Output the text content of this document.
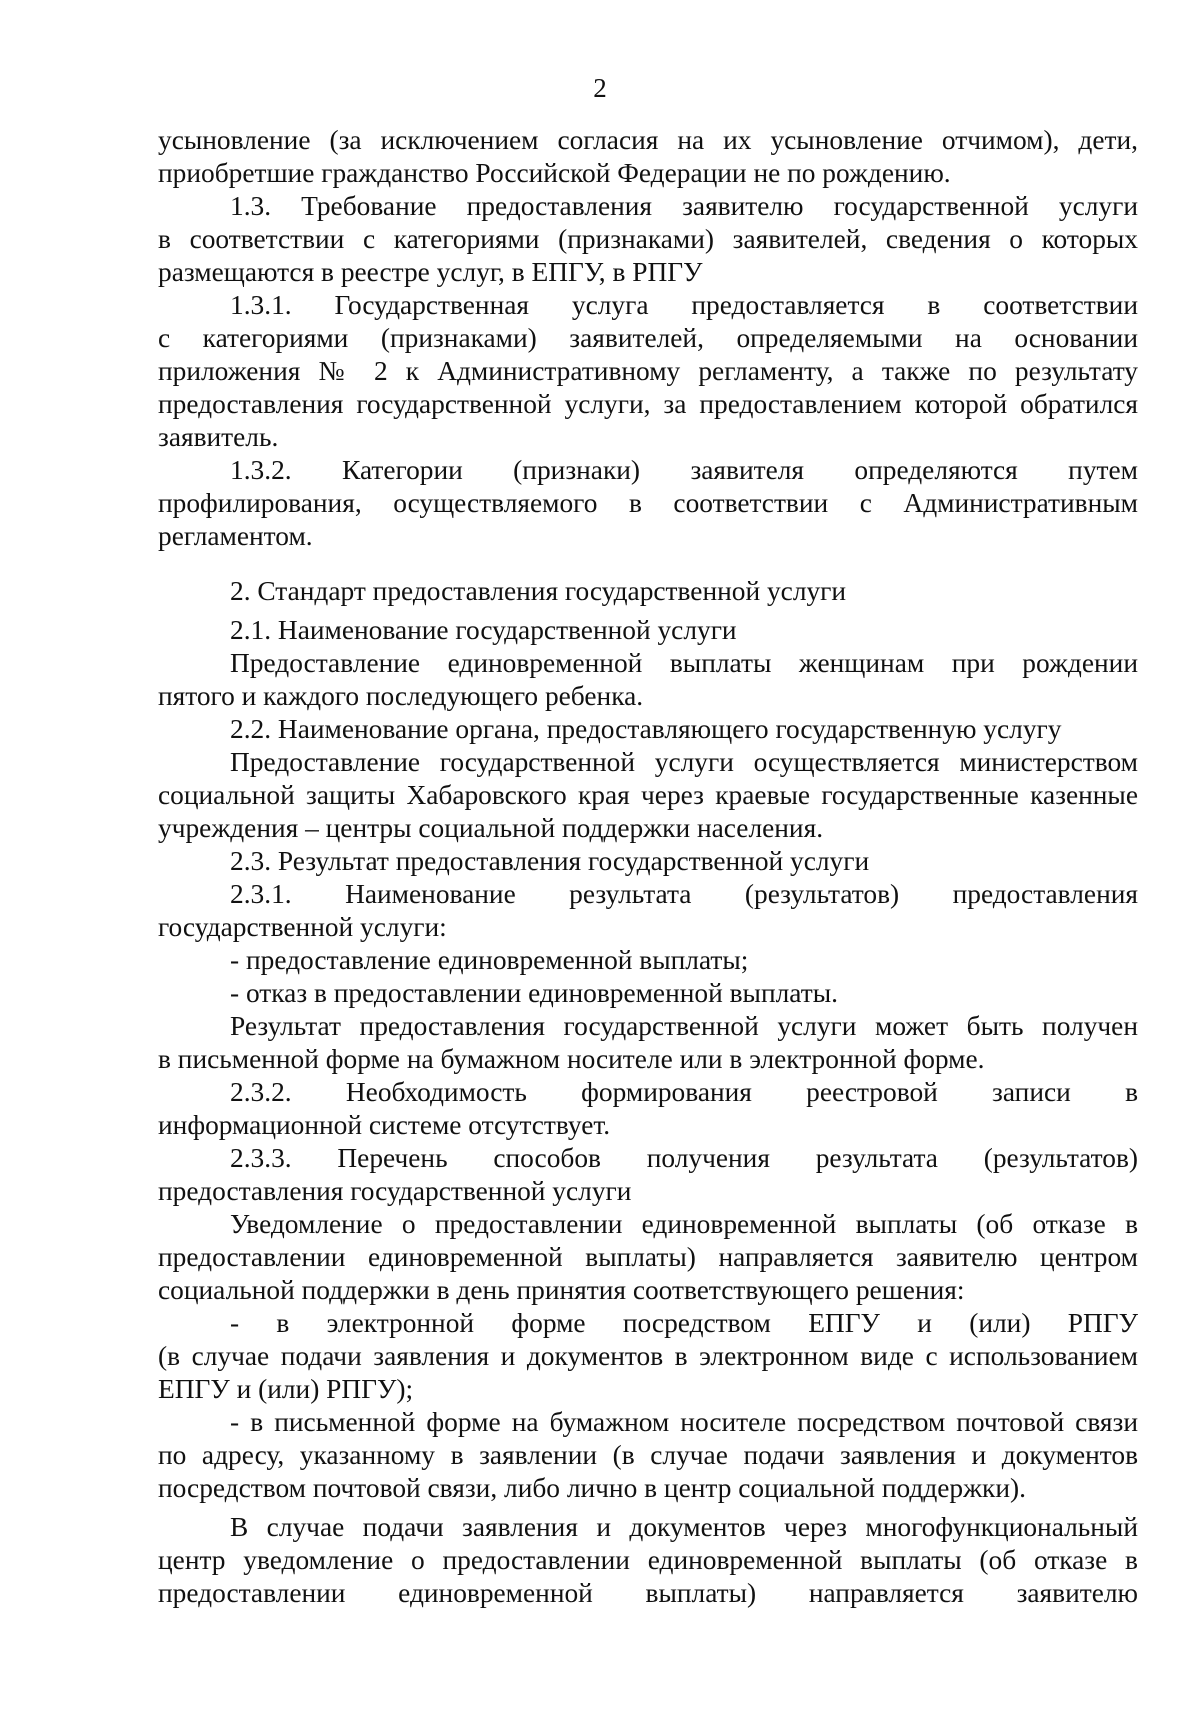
2
усыновление (за исключением согласия на их усыновление отчимом), дети,
приобретшие гражданство Российской Федерации не по рождению.
1.3. Требование предоставления заявителю государственной услуги
в соответствии с категориями (признаками) заявителей, сведения о которых
размещаются в реестре услуг, в ЕПГУ, в РПГУ
1.3.1. Государственная услуга предоставляется в соответствии
с категориями (признаками) заявителей, определяемыми на основании
приложения № 2 к Административному регламенту, а также по результату
предоставления государственной услуги, за предоставлением которой обратился
заявитель.
1.3.2. Категории (признаки) заявителя определяются путем
профилирования, осуществляемого в соответствии с Административным
регламентом.
2. Стандарт предоставления государственной услуги
2.1. Наименование государственной услуги
Предоставление единовременной выплаты женщинам при рождении
пятого и каждого последующего ребенка.
2.2. Наименование органа, предоставляющего государственную услугу
Предоставление государственной услуги осуществляется министерством
социальной защиты Хабаровского края через краевые государственные казенные
учреждения – центры социальной поддержки населения.
2.3. Результат предоставления государственной услуги
2.3.1. Наименование результата (результатов) предоставления
государственной услуги:
- предоставление единовременной выплаты;
- отказ в предоставлении единовременной выплаты.
Результат предоставления государственной услуги может быть получен
в письменной форме на бумажном носителе или в электронной форме.
2.3.2. Необходимость формирования реестровой записи в
информационной системе отсутствует.
2.3.3. Перечень способов получения результата (результатов)
предоставления государственной услуги
Уведомление о предоставлении единовременной выплаты (об отказе в
предоставлении единовременной выплаты) направляется заявителю центром
социальной поддержки в день принятия соответствующего решения:
- в электронной форме посредством ЕПГУ и (или) РПГУ
(в случае подачи заявления и документов в электронном виде с использованием
ЕПГУ и (или) РПГУ);
- в письменной форме на бумажном носителе посредством почтовой связи
по адресу, указанному в заявлении (в случае подачи заявления и документов
посредством почтовой связи, либо лично в центр социальной поддержки).
В случае подачи заявления и документов через многофункциональный
центр уведомление о предоставлении единовременной выплаты (об отказе в
предоставлении единовременной выплаты) направляется заявителю
